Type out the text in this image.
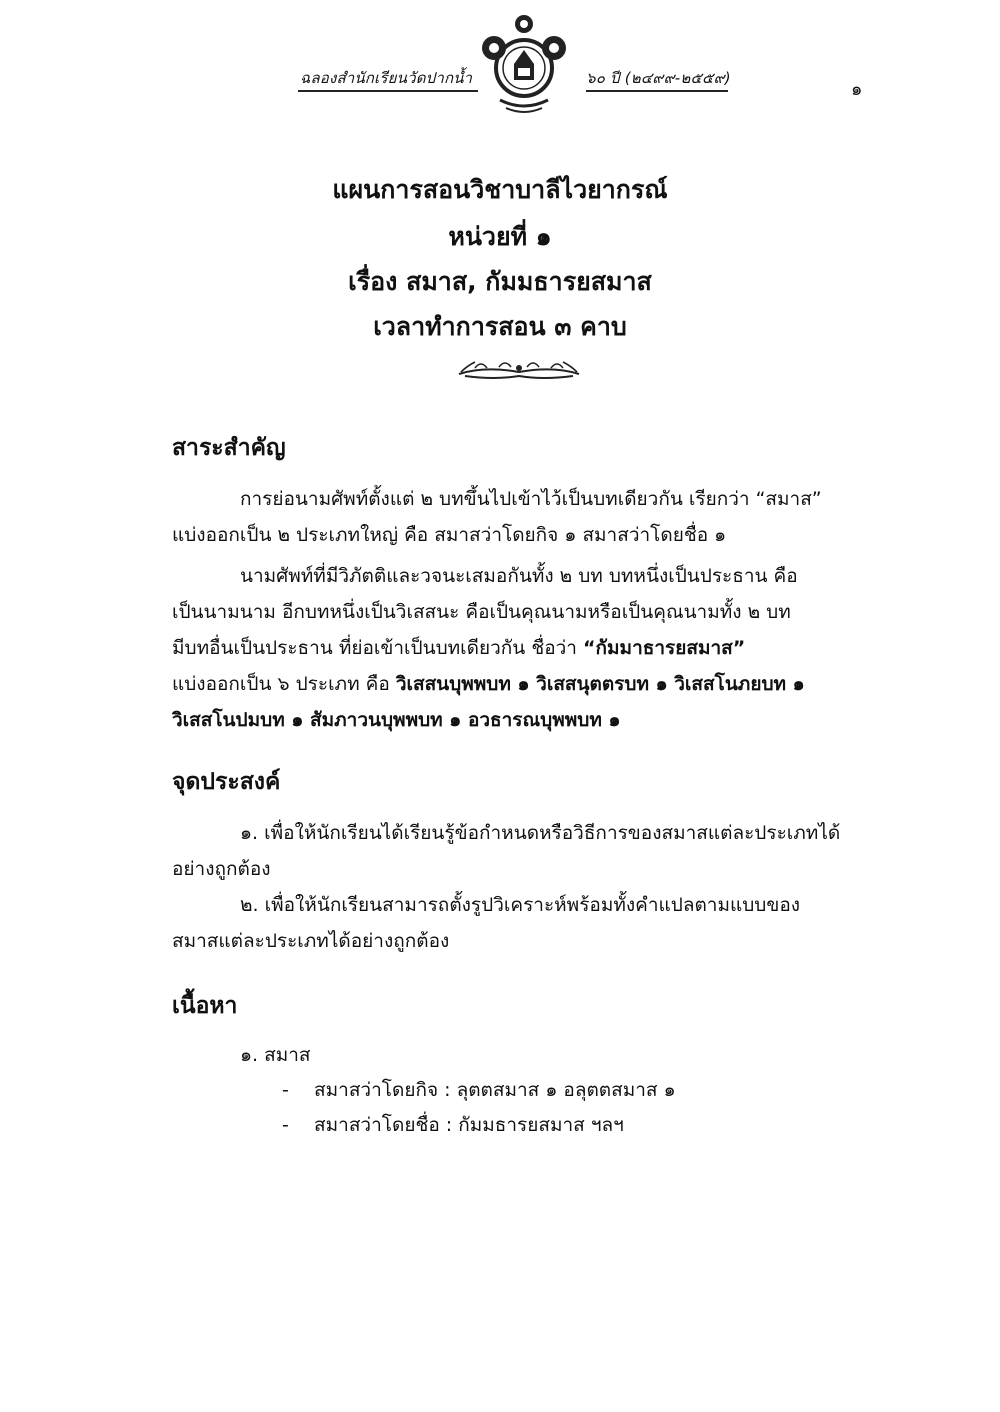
ฉลองสำนักเรียนวัดปากน้ำ	๖๐ ปี (๒๔๙๙-๒๕๕๙)
๑
แผนการสอนวิชาบาลีไวยากรณ์
หน่วยที่ ๑
เรื่อง สมาส, กัมมธารยสมาส
เวลาทำการสอน ๓ คาบ
สาระสำคัญ
การย่อนามศัพท์ตั้งแต่ ๒ บทขึ้นไปเข้าไว้เป็นบทเดียวกัน เรียกว่า “สมาส”
แบ่งออกเป็น ๒ ประเภทใหญ่ คือ สมาสว่าโดยกิจ ๑ สมาสว่าโดยชื่อ ๑
นามศัพท์ที่มีวิภัตติและวจนะเสมอกันทั้ง ๒ บท บทหนึ่งเป็นประธาน คือ
เป็นนามนาม อีกบทหนึ่งเป็นวิเสสนะ คือเป็นคุณนามหรือเป็นคุณนามทั้ง ๒ บท
มีบทอื่นเป็นประธาน ที่ย่อเข้าเป็นบทเดียวกัน ชื่อว่า “กัมมาธารยสมาส”
แบ่งออกเป็น ๖ ประเภท คือ วิเสสนบุพพบท ๑ วิเสสนุตตรบท ๑ วิเสสโนภยบท ๑
วิเสสโนปมบท ๑ สัมภาวนบุพพบท ๑ อวธารณบุพพบท ๑
จุดประสงค์
๑. เพื่อให้นักเรียนได้เรียนรู้ข้อกำหนดหรือวิธีการของสมาสแต่ละประเภทได้
อย่างถูกต้อง
๒. เพื่อให้นักเรียนสามารถตั้งรูปวิเคราะห์พร้อมทั้งคำแปลตามแบบของ
สมาสแต่ละประเภทได้อย่างถูกต้อง
เนื้อหา
๑. สมาส
- สมาสว่าโดยกิจ : ลุตตสมาส ๑ อลุตตสมาส ๑
- สมาสว่าโดยชื่อ : กัมมธารยสมาส ฯลฯ
